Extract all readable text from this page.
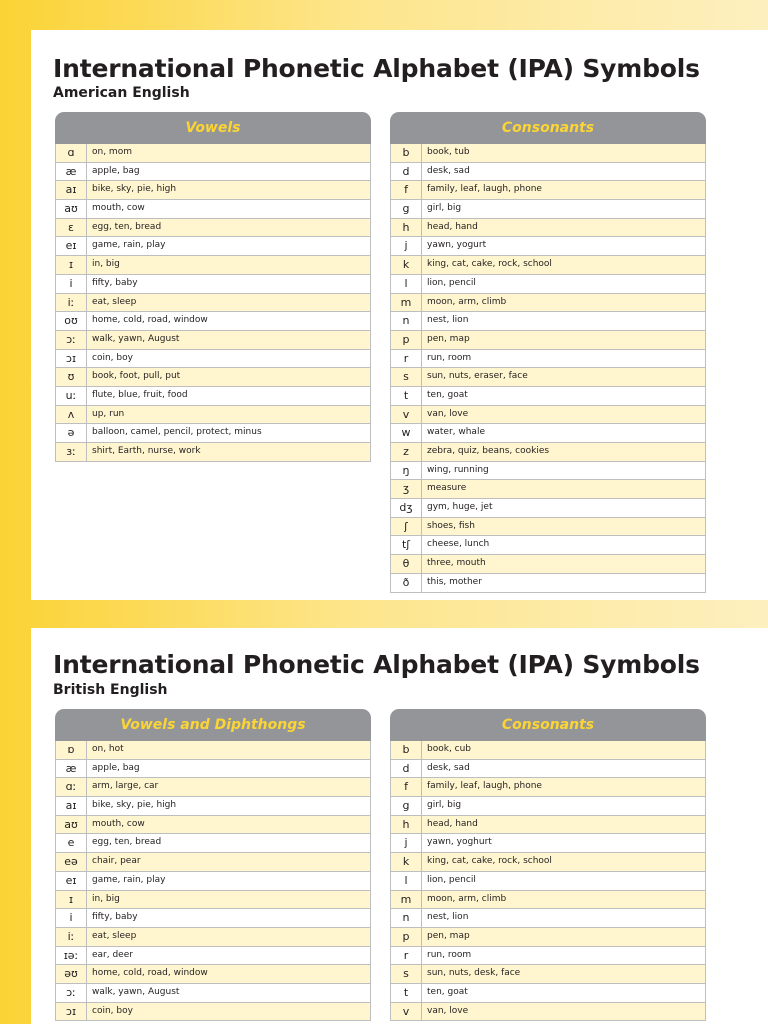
International Phonetic Alphabet (IPA) Symbols
American English
Vowels
ɑ	on, mom
æ	apple, bag
aɪ	bike, sky, pie, high
aʊ	mouth, cow
ɛ	egg, ten, bread
eɪ	game, rain, play
ɪ	in, big
i	fifty, baby
iː	eat, sleep
oʊ	home, cold, road, window
ɔː	walk, yawn, August
ɔɪ	coin, boy
ʊ	book, foot, pull, put
uː	flute, blue, fruit, food
ʌ	up, run
ə	balloon, camel, pencil, protect, minus
ɜː	shirt, Earth, nurse, work
Consonants
b	book, tub
d	desk, sad
f	family, leaf, laugh, phone
g	girl, big
h	head, hand
j	yawn, yogurt
k	king, cat, cake, rock, school
l	lion, pencil
m	moon, arm, climb
n	nest, lion
p	pen, map
r	run, room
s	sun, nuts, eraser, face
t	ten, goat
v	van, love
w	water, whale
z	zebra, quiz, beans, cookies
ŋ	wing, running
ʒ	measure
dʒ	gym, huge, jet
ʃ	shoes, fish
tʃ	cheese, lunch
θ	three, mouth
ð	this, mother
International Phonetic Alphabet (IPA) Symbols
British English
Vowels and Diphthongs
ɒ	on, hot
æ	apple, bag
ɑː	arm, large, car
aɪ	bike, sky, pie, high
aʊ	mouth, cow
e	egg, ten, bread
eə	chair, pear
eɪ	game, rain, play
ɪ	in, big
i	fifty, baby
iː	eat, sleep
ɪəː	ear, deer
əʊ	home, cold, road, window
ɔː	walk, yawn, August
ɔɪ	coin, boy
Consonants
b	book, cub
d	desk, sad
f	family, leaf, laugh, phone
g	girl, big
h	head, hand
j	yawn, yoghurt
k	king, cat, cake, rock, school
l	lion, pencil
m	moon, arm, climb
n	nest, lion
p	pen, map
r	run, room
s	sun, nuts, desk, face
t	ten, goat
v	van, love
